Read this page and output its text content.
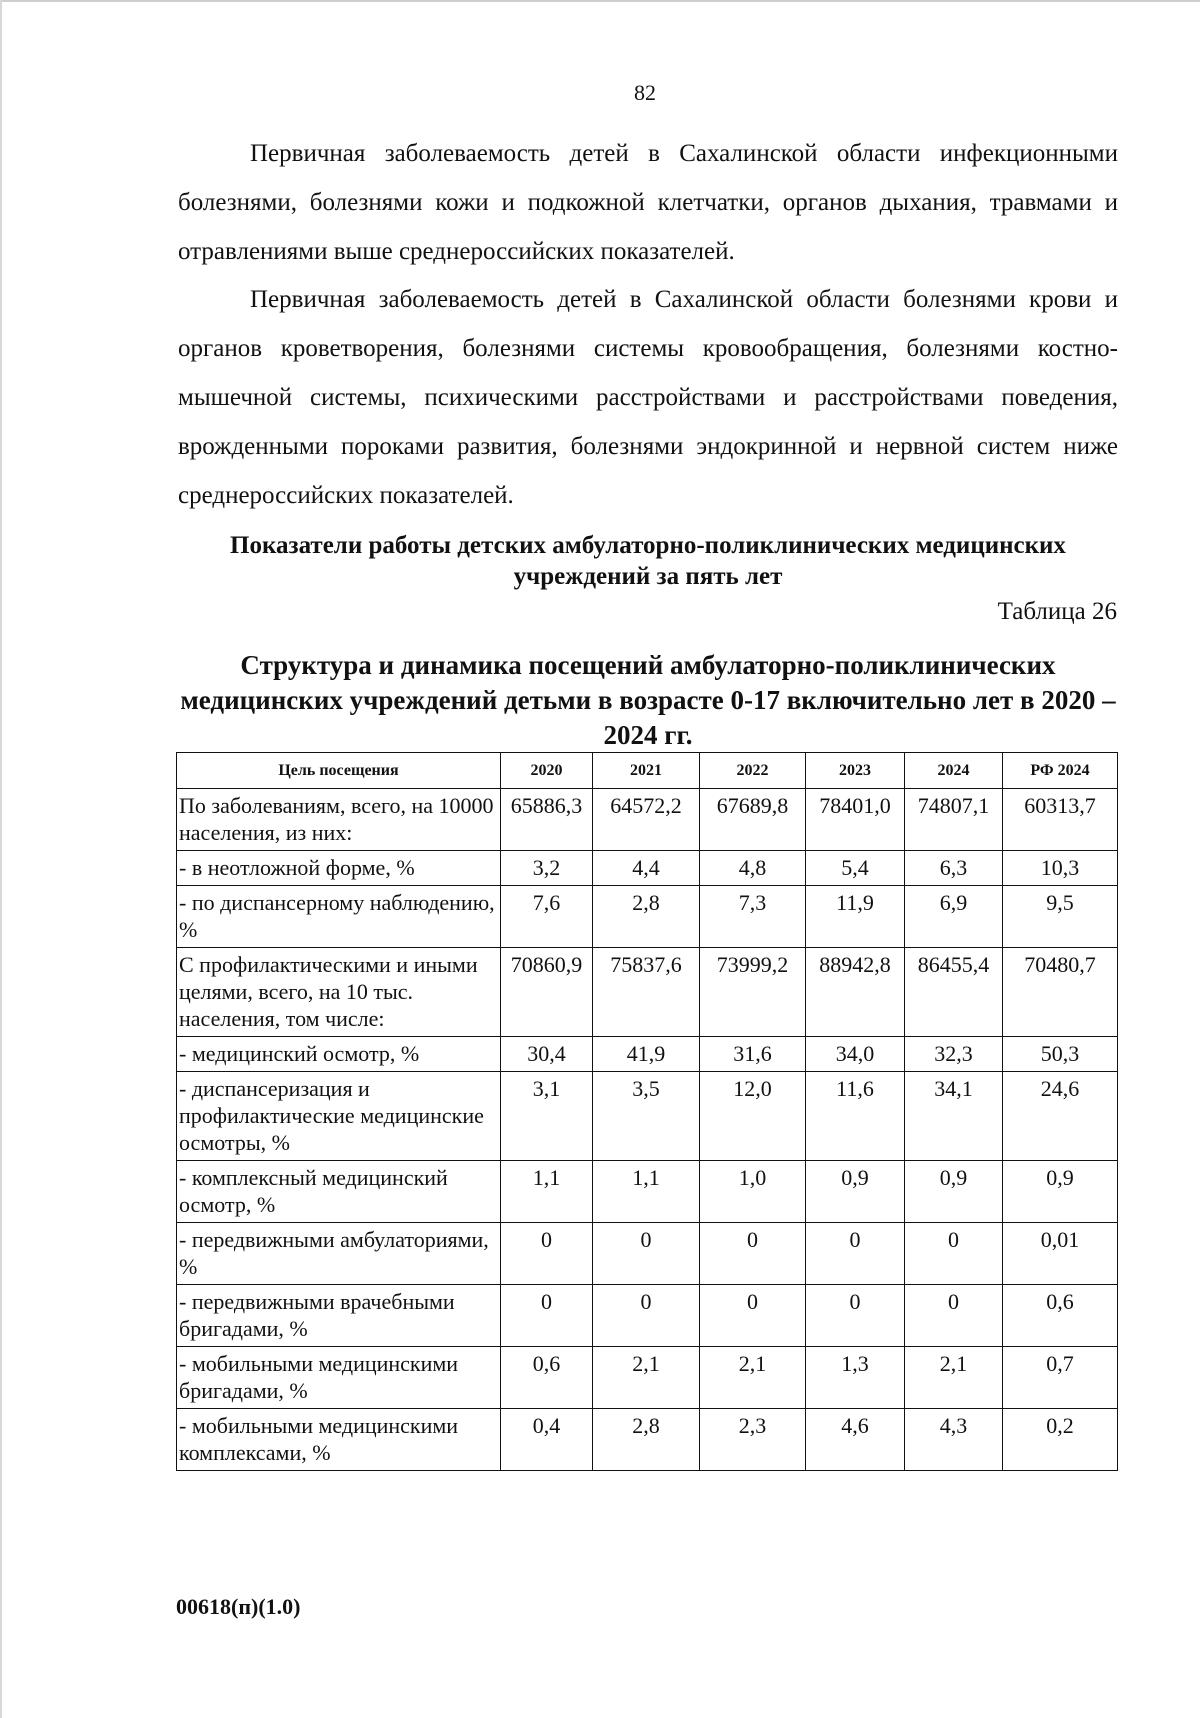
82

Первичная заболеваемость детей в Сахалинской области инфекционными болезнями, болезнями кожи и подкожной клетчатки, органов дыхания, травмами и отравлениями выше среднероссийских показателей.

Первичная заболеваемость детей в Сахалинской области болезнями крови и органов кроветворения, болезнями системы кровообращения, болезнями костно-мышечной системы, психическими расстройствами и расстройствами поведения, врожденными пороками развития, болезнями эндокринной и нервной систем ниже среднероссийских показателей.

Показатели работы детских амбулаторно-поликлинических медицинских учреждений за пять лет

Таблица 26

Структура и динамика посещений амбулаторно-поликлинических медицинских учреждений детьми в возрасте 0-17 включительно лет в 2020 – 2024 гг.

Цель посещения	2020	2021	2022	2023	2024	РФ 2024
По заболеваниям, всего, на 10000 населения, из них:	65886,3	64572,2	67689,8	78401,0	74807,1	60313,7
- в неотложной форме, %	3,2	4,4	4,8	5,4	6,3	10,3
- по диспансерному наблюдению, %	7,6	2,8	7,3	11,9	6,9	9,5
С профилактическими и иными целями, всего, на 10 тыс. населения, том числе:	70860,9	75837,6	73999,2	88942,8	86455,4	70480,7
- медицинский осмотр, %	30,4	41,9	31,6	34,0	32,3	50,3
- диспансеризация и профилактические медицинские осмотры, %	3,1	3,5	12,0	11,6	34,1	24,6
- комплексный медицинский осмотр, %	1,1	1,1	1,0	0,9	0,9	0,9
- передвижными амбулаториями, %	0	0	0	0	0	0,01
- передвижными врачебными бригадами, %	0	0	0	0	0	0,6
- мобильными медицинскими бригадами, %	0,6	2,1	2,1	1,3	2,1	0,7
- мобильными медицинскими комплексами, %	0,4	2,8	2,3	4,6	4,3	0,2
00618(п)(1.0)
